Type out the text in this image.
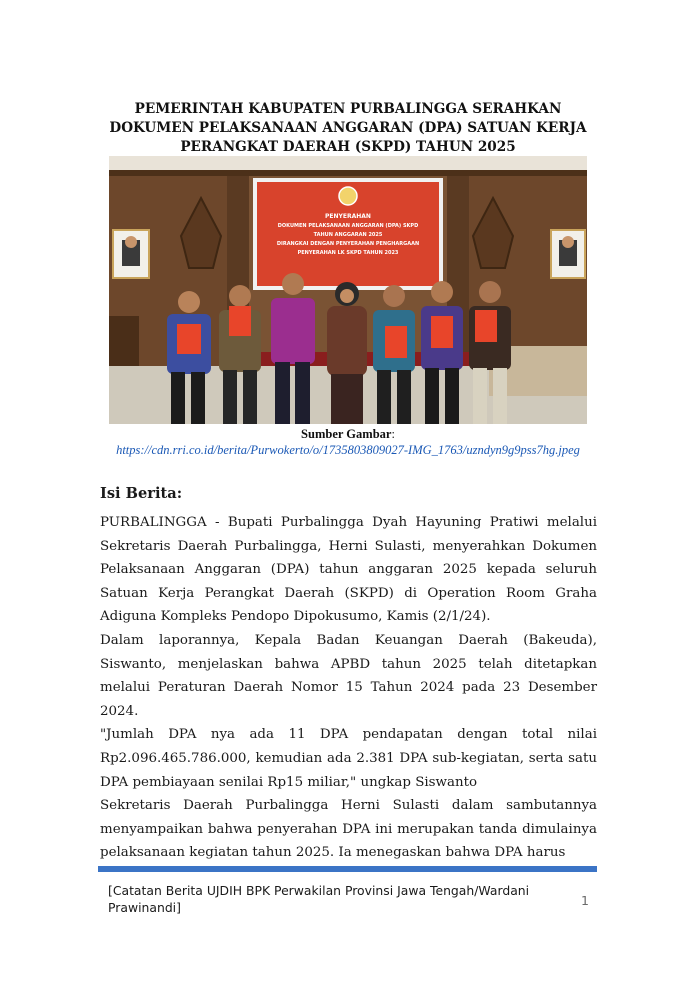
PEMERINTAH KABUPATEN PURBALINGGA SERAHKAN DOKUMEN PELAKSANAAN ANGGARAN (DPA) SATUAN KERJA PERANGKAT DAERAH (SKPD) TAHUN 2025
PENYERAHAN
DOKUMEN PELAKSANAAN ANGGARAN (DPA) SKPD
TAHUN ANGGARAN 2025
DIRANGKAI DENGAN PENYERAHAN PENGHARGAAN
PENYERAHAN LK SKPD TAHUN 2023
Sumber Gambar:
https://cdn.rri.co.id/berita/Purwokerto/o/1735803809027-IMG_1763/uzndyn9g9pss7hg.jpeg
Isi Berita:

PURBALINGGA - Bupati Purbalingga Dyah Hayuning Pratiwi melalui Sekretaris Daerah Purbalingga, Herni Sulasti, menyerahkan Dokumen Pelaksanaan Anggaran (DPA) tahun anggaran 2025 kepada seluruh Satuan Kerja Perangkat Daerah (SKPD) di Operation Room Graha Adiguna Kompleks Pendopo Dipokusumo, Kamis (2/1/24).

Dalam laporannya, Kepala Badan Keuangan Daerah (Bakeuda), Siswanto, menjelaskan bahwa APBD tahun 2025 telah ditetapkan melalui Peraturan Daerah Nomor 15 Tahun 2024 pada 23 Desember 2024.

"Jumlah DPA nya ada 11 DPA pendapatan dengan total nilai Rp2.096.465.786.000, kemudian ada 2.381 DPA sub-kegiatan, serta satu DPA pembiayaan senilai Rp15 miliar," ungkap Siswanto

Sekretaris Daerah Purbalingga Herni Sulasti dalam sambutannya menyampaikan bahwa penyerahan DPA ini merupakan tanda dimulainya pelaksanaan kegiatan tahun 2025. Ia menegaskan bahwa DPA harus

[Catatan Berita UJDIH BPK Perwakilan Provinsi Jawa Tengah/Wardani Prawinandi]	1
